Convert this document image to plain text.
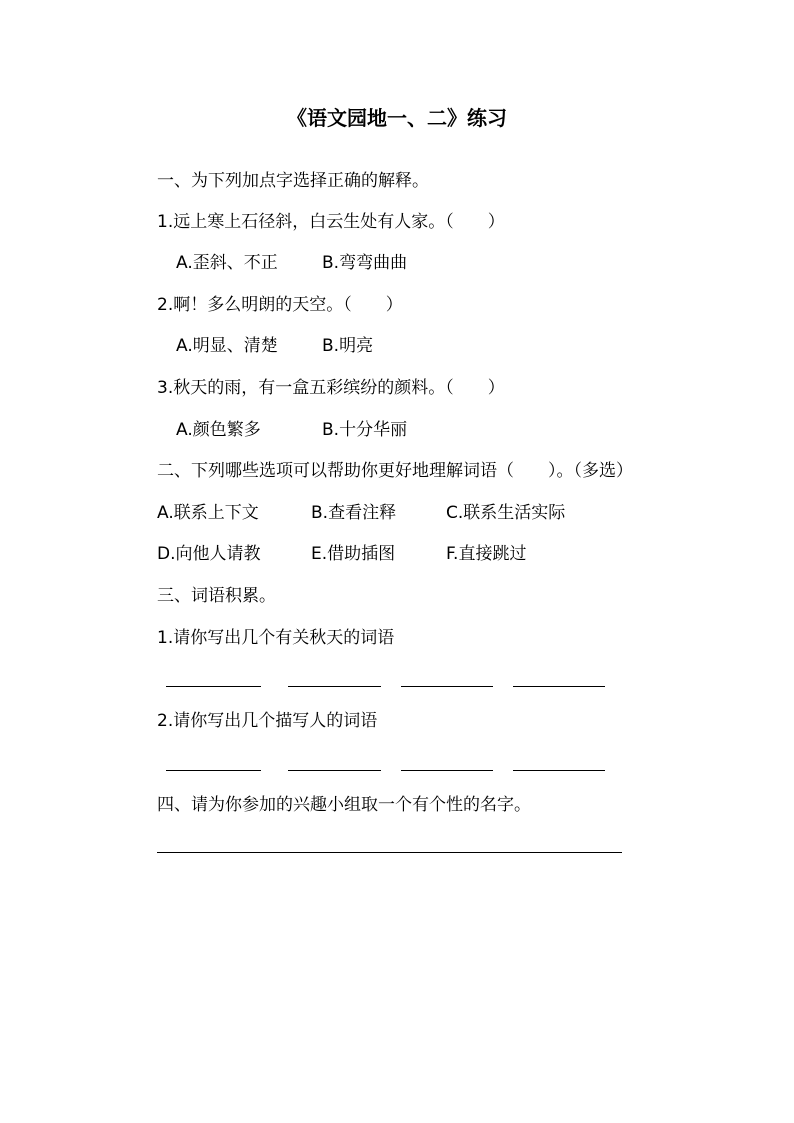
《语文园地一、二》练习
一、为下列加点字选择正确的解释。
1.远上寒上石径斜，白云生处有人家。（　　）
A.歪斜、不正	B.弯弯曲曲
2.啊！多么明朗的天空。（　　）
A.明显、清楚	B.明亮
3.秋天的雨，有一盒五彩缤纷的颜料。（　　）
A.颜色繁多	B.十分华丽
二、下列哪些选项可以帮助你更好地理解词语（　　）。（多选）
A.联系上下文	B.查看注释	C.联系生活实际
D.向他人请教	E.借助插图	F.直接跳过
三、词语积累。
1.请你写出几个有关秋天的词语
2.请你写出几个描写人的词语
四、请为你参加的兴趣小组取一个有个性的名字。
